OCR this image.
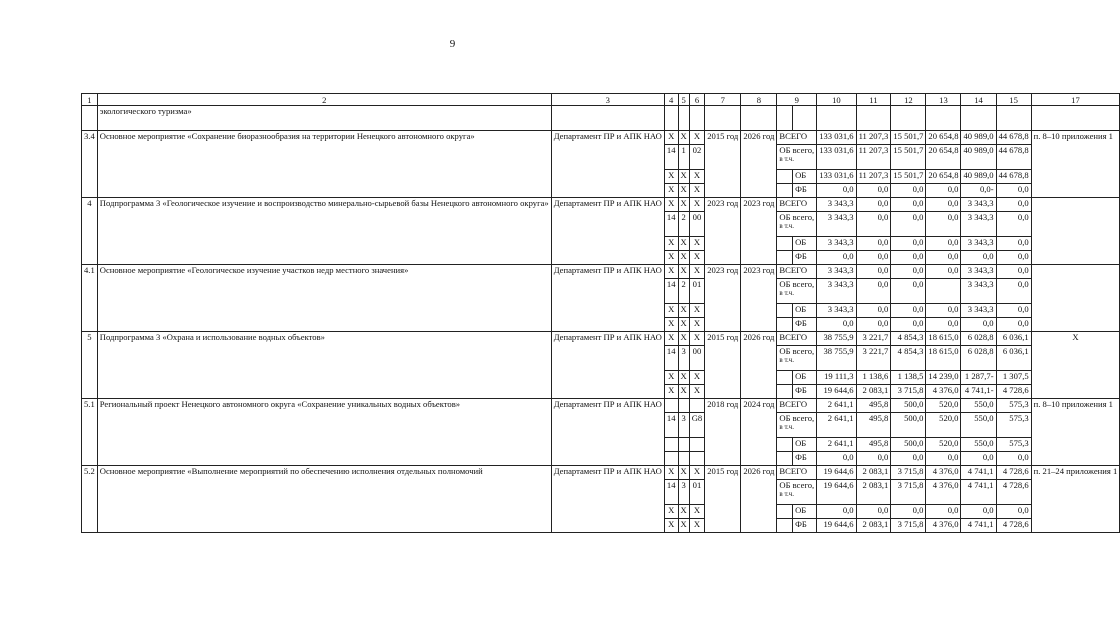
9
1	2	3	4	5	6	7	8	9		10	11	12	13	14	15	17
	экологического туризма»															
3.4	Основное мероприятие «Сохранение биоразнообразия на территории Ненецкого автономного округа»	Департамент ПР и АПК НАО	X	X	X	2015 год	2026 год	ВСЕГО		133 031,6	11 207,3	15 501,7	20 654,8	40 989,0	44 678,8	п. 8–10 приложения 1
			14	1	02			ОБ всего,
в т.ч.		133 031,6	11 207,3	15 501,7	20 654,8	40 989,0	44 678,8	
			X	X	X				ОБ	133 031,6	11 207,3	15 501,7	20 654,8	40 989,0	44 678,8	
			X	X	X				ФБ	0,0	0,0	0,0	0,0	0,0-	0,0	
4	Подпрограмма 3 «Геологическое изучение и воспроизводство минерально-сырьевой базы Ненецкого автономного округа»	Департамент ПР и АПК НАО	X	X	X	2023 год	2023 год	ВСЕГО		3 343,3	0,0	0,0	0,0	3 343,3	0,0	
			14	2	00			ОБ всего,
в т.ч.		3 343,3	0,0	0,0	0,0	3 343,3	0,0	
			X	X	X				ОБ	3 343,3	0,0	0,0	0,0	3 343,3	0,0	
			X	X	X				ФБ	0,0	0,0	0,0	0,0	0,0	0,0	
4.1	Основное мероприятие «Геологическое изучение участков недр местного значения»	Департамент ПР и АПК НАО	X	X	X	2023 год	2023 год	ВСЕГО		3 343,3	0,0	0,0	0,0	3 343,3	0,0	
			14	2	01			ОБ всего,
в т.ч.		3 343,3	0,0	0,0		3 343,3	0,0	
			X	X	X				ОБ	3 343,3	0,0	0,0	0,0	3 343,3	0,0	
			X	X	X				ФБ	0,0	0,0	0,0	0,0	0,0	0,0	
5	Подпрограмма 3 «Охрана и использование водных объектов»	Департамент ПР и АПК НАО	X	X	X	2015 год	2026 год	ВСЕГО		38 755,9	3 221,7	4 854,3	18 615,0	6 028,8	6 036,1	X
			14	3	00			ОБ всего,
в т.ч.		38 755,9	3 221,7	4 854,3	18 615,0	6 028,8	6 036,1	
			X	X	X				ОБ	19 111,3	1 138,6	1 138,5	14 239,0	1 287,7-	1 307,5	
			X	X	X				ФБ	19 644,6	2 083,1	3 715,8	4 376,0	4 741,1-	4 728,6	
5.1	Региональный проект Ненецкого автономного округа «Сохранение уникальных водных объектов»	Департамент ПР и АПК НАО				2018 год	2024 год	ВСЕГО		2 641,1	495,8	500,0	520,0	550,0	575,3	п. 8–10 приложения 1
			14	3	G8			ОБ всего,
в т.ч.		2 641,1	495,8	500,0	520,0	550,0	575,3	
									ОБ	2 641,1	495,8	500,0	520,0	550,0	575,3	
									ФБ	0,0	0,0	0,0	0,0	0,0	0,0	
5.2	Основное мероприятие «Выполнение мероприятий по обеспечению исполнения отдельных полномочий	Департамент ПР и АПК НАО	X	X	X	2015 год	2026 год	ВСЕГО		19 644,6	2 083,1	3 715,8	4 376,0	4 741,1	4 728,6	п. 21–24 приложения 1
			14	3	01			ОБ всего,
в т.ч.		19 644,6	2 083,1	3 715,8	4 376,0	4 741,1	4 728,6	
			X	X	X				ОБ	0,0	0,0	0,0	0,0	0,0	0,0	
			X	X	X				ФБ	19 644,6	2 083,1	3 715,8	4 376,0	4 741,1	4 728,6	
